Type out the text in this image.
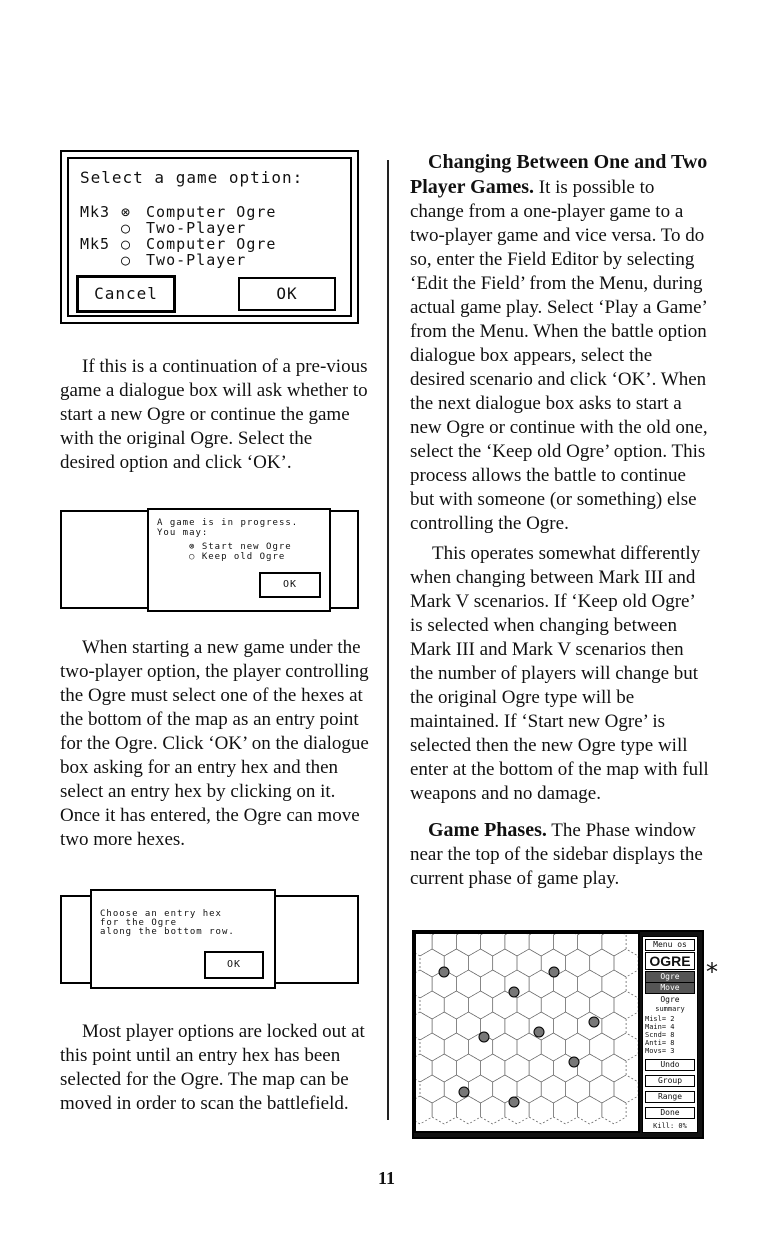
Select a game option:
Mk3 ⊗ Computer Ogre
○ Two-Player
Mk5 ○ Computer Ogre
○ Two-Player
Cancel	OK
If this is a continuation of a pre-vious game a dialogue box will ask whether to start a new Ogre or continue the game with the original Ogre. Select the desired option and click ‘OK’.
A game is in progress.
You may:
⊗ Start new Ogre
○ Keep old Ogre
OK
When starting a new game under the two-player option, the player controlling the Ogre must select one of the hexes at the bottom of the map as an entry point for the Ogre. Click ‘OK’ on the dialogue box asking for an entry hex and then select an entry hex by clicking on it. Once it has entered, the Ogre can move two more hexes.
Choose an entry hex
for the Ogre
along the bottom row.
OK
Most player options are locked out at this point until an entry hex has been selected for the Ogre. The map can be moved in order to scan the battlefield.
Changing Between One and Two Player Games. It is possible to change from a one-player game to a two-player game and vice versa. To do so, enter the Field Editor by selecting ‘Edit the Field’ from the Menu, during actual game play. Select ‘Play a Game’ from the Menu. When the battle option dialogue box appears, select the desired scenario and click ‘OK’. When the next dialogue box asks to start a new Ogre or continue with the old one, select the ‘Keep old Ogre’ option. This process allows the battle to continue but with someone (or something) else controlling the Ogre.
This operates somewhat differently when changing between Mark III and Mark V scenarios. If ‘Keep old Ogre’ is selected when changing between Mark III and Mark V scenarios then the number of players will change but the original Ogre type will be maintained. If ‘Start new Ogre’ is selected then the new Ogre type will enter at the bottom of the map with full weapons and no damage.
Game Phases. The Phase window near the top of the sidebar displays the current phase of game play.
Menu os
OGRE
Ogre
Move
Ogre
summary
Misl= 2
Main= 4
Scnd= 8
Anti= 8
Movs= 3
Undo
Group
Range
Done
Kill: 0%
*
11
